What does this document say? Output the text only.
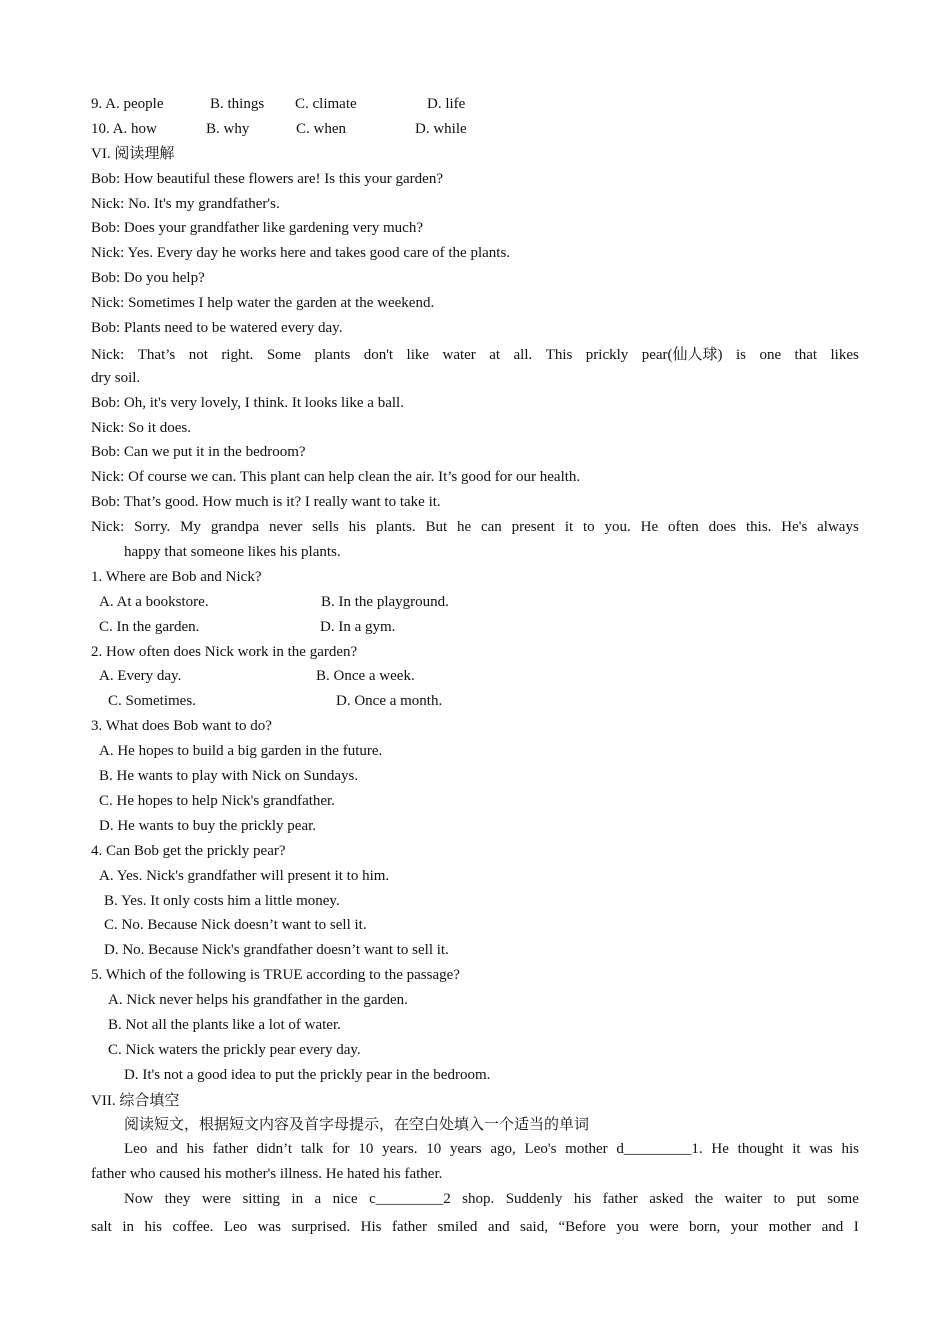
9. A. people	B. things C. climate	D. life
10. A. how	B. why	C. when	D. while
VI. 阅读理解
Bob: How beautiful these flowers are! Is this your garden?
Nick: No. It's my grandfather's.
Bob: Does your grandfather like gardening very much?
Nick: Yes. Every day he works here and takes good care of the plants.
Bob: Do you help?
Nick: Sometimes I help water the garden at the weekend.
Bob: Plants need to be watered every day.
Nick: That’s not right. Some plants don't like water at all. This prickly pear(仙人球) is one that likes
dry soil.
Bob: Oh, it's very lovely, I think. It looks like a ball.
Nick: So it does.
Bob: Can we put it in the bedroom?
Nick: Of course we can. This plant can help clean the air. It’s good for our health.
Bob: That’s good. How much is it? I really want to take it.
Nick: Sorry. My grandpa never sells his plants. But he can present it to you. He often does this. He's always
happy that someone likes his plants.
1. Where are Bob and Nick?
A. At a bookstore.	B. In the playground.
C. In the garden.	D. In a gym.
2. How often does Nick work in the garden?
A. Every day.	B. Once a week.
C. Sometimes.	D. Once a month.
3. What does Bob want to do?
A. He hopes to build a big garden in the future.
B. He wants to play with Nick on Sundays.
C. He hopes to help Nick's grandfather.
D. He wants to buy the prickly pear.
4. Can Bob get the prickly pear?
A. Yes. Nick's grandfather will present it to him.
B. Yes. It only costs him a little money.
C. No. Because Nick doesn’t want to sell it.
D. No. Because Nick's grandfather doesn’t want to sell it.
5. Which of the following is TRUE according to the passage?
A. Nick never helps his grandfather in the garden.
B. Not all the plants like a lot of water.
C. Nick waters the prickly pear every day.
D. It's not a good idea to put the prickly pear in the bedroom.
VII. 综合填空
阅读短文，根据短文内容及首字母提示，在空白处填入一个适当的单词
Leo and his father didn’t talk for 10 years. 10 years ago, Leo's mother d_________1. He thought it was his
father who caused his mother's illness. He hated his father.
Now they were sitting in a nice c_________2 shop. Suddenly his father asked the waiter to put some
salt in his coffee. Leo was surprised. His father smiled and said, “Before you were born, your mother and I
